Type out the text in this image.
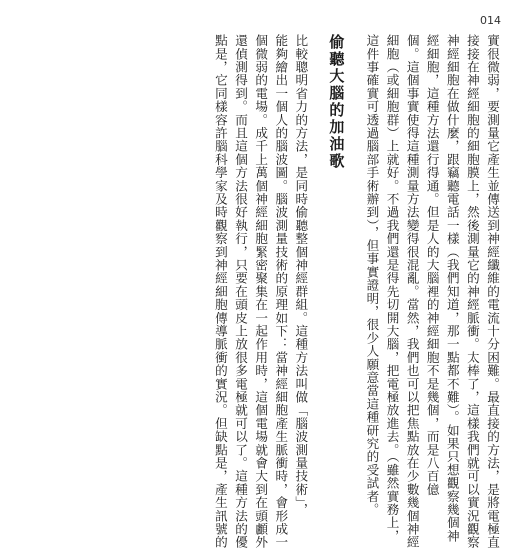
014
實很微弱，要測量它產生並傳送到神經纖維的電流十分困難。最直接的方法，是將電極直
接接在神經細胞的細胞膜上，然後測量它的神經脈衝。太棒了，這樣我們就可以實況觀察
神經細胞在做什麼，跟竊聽電話一樣（我們知道，那一點都不難）。如果只想觀察幾個神
經細胞，這種方法還行得通。但是人的大腦裡的神經細胞不是幾個，而是八百億
個。這個事實使得這種測量方法變得很混亂。當然，我們也可以把焦點放在少數幾個神經
細胞（或細胞群）上就好。不過我們還是得先切開大腦，把電極放進去。（雖然實務上，
這件事確實可透過腦部手術辦到），但事實證明，很少人願意當這種研究的受試者。
偷聽大腦的加油歌
比較聰明省力的方法，是同時偷聽整個神經群組。這種方法叫做「腦波測量技術」，
能夠繪出一個人的腦波圖。腦波測量技術的原理如下：當神經細胞產生脈衝時，會形成一
個微弱的電場。成千上萬個神經細胞緊密聚集在一起作用時，這個電場就會大到在頭顱外
還偵測得到。而且這個方法很好執行，只要在頭皮上放很多電極就可以了。這種方法的優
點是，它同樣容許腦科學家及時觀察到神經細胞傳導脈衝的實況。但缺點是，產生訊號的
